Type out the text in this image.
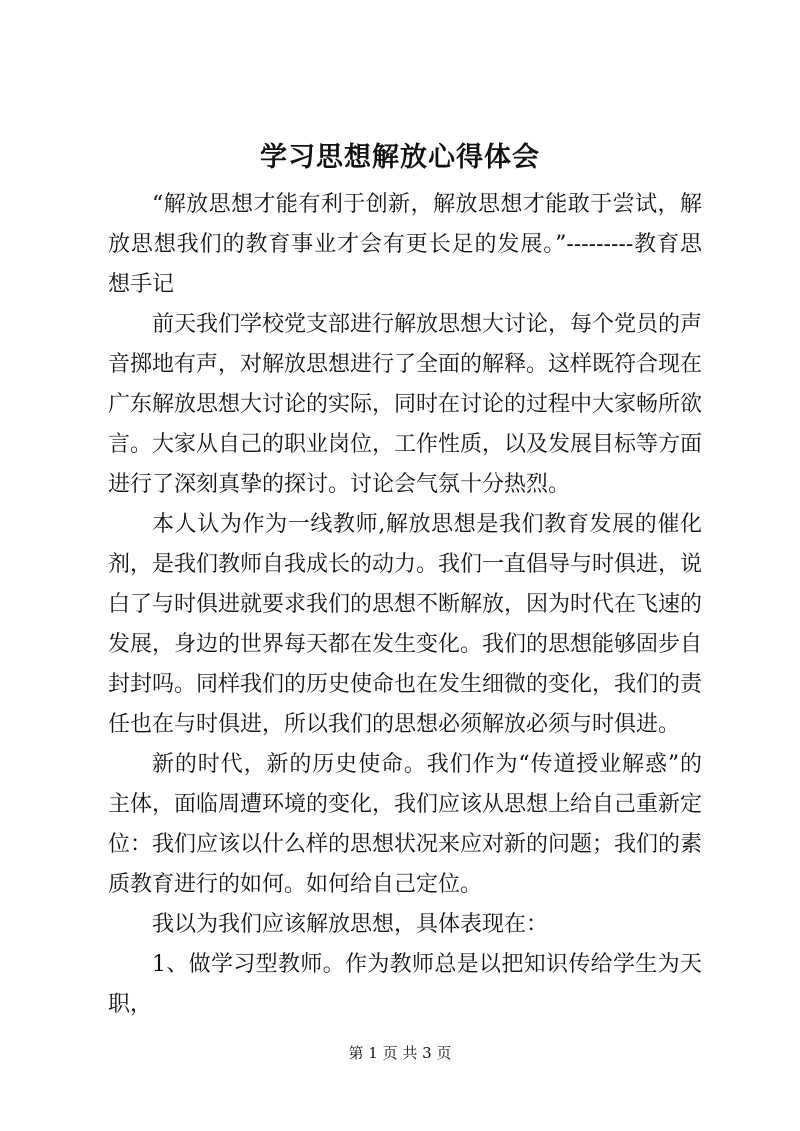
学习思想解放心得体会

“解放思想才能有利于创新，解放思想才能敢于尝试，解放思想我们的教育事业才会有更长足的发展。”---------教育思想手记

前天我们学校党支部进行解放思想大讨论，每个党员的声音掷地有声，对解放思想进行了全面的解释。这样既符合现在广东解放思想大讨论的实际，同时在讨论的过程中大家畅所欲言。大家从自己的职业岗位，工作性质，以及发展目标等方面进行了深刻真挚的探讨。讨论会气氛十分热烈。

本人认为作为一线教师,解放思想是我们教育发展的催化剂，是我们教师自我成长的动力。我们一直倡导与时俱进，说白了与时俱进就要求我们的思想不断解放，因为时代在飞速的发展，身边的世界每天都在发生变化。我们的思想能够固步自封封吗。同样我们的历史使命也在发生细微的变化，我们的责任也在与时俱进，所以我们的思想必须解放必须与时俱进。

新的时代，新的历史使命。我们作为“传道授业解惑”的主体，面临周遭环境的变化，我们应该从思想上给自己重新定位：我们应该以什么样的思想状况来应对新的问题；我们的素质教育进行的如何。如何给自己定位。

我以为我们应该解放思想，具体表现在：

1、做学习型教师。作为教师总是以把知识传给学生为天职，

第 1 页 共 3 页
